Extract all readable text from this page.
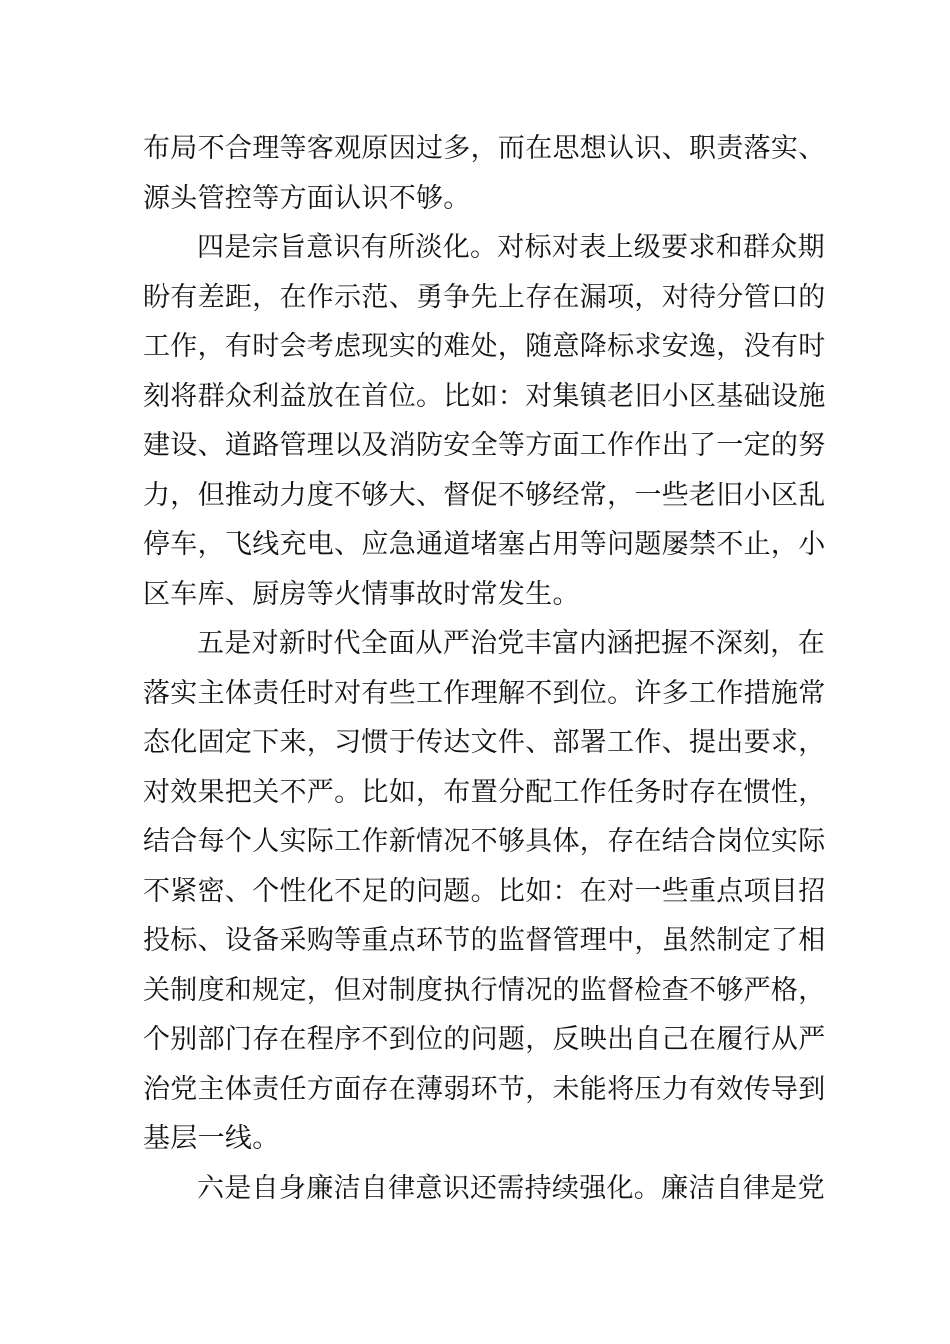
布局不合理等客观原因过多，而在思想认识、职责落实、
源头管控等方面认识不够。
四是宗旨意识有所淡化。对标对表上级要求和群众期
盼有差距，在作示范、勇争先上存在漏项，对待分管口的
工作，有时会考虑现实的难处，随意降标求安逸，没有时
刻将群众利益放在首位。比如：对集镇老旧小区基础设施
建设、道路管理以及消防安全等方面工作作出了一定的努
力，但推动力度不够大、督促不够经常，一些老旧小区乱
停车，飞线充电、应急通道堵塞占用等问题屡禁不止，小
区车库、厨房等火情事故时常发生。
五是对新时代全面从严治党丰富内涵把握不深刻，在
落实主体责任时对有些工作理解不到位。许多工作措施常
态化固定下来，习惯于传达文件、部署工作、提出要求，
对效果把关不严。比如，布置分配工作任务时存在惯性，
结合每个人实际工作新情况不够具体，存在结合岗位实际
不紧密、个性化不足的问题。比如：在对一些重点项目招
投标、设备采购等重点环节的监督管理中，虽然制定了相
关制度和规定，但对制度执行情况的监督检查不够严格，
个别部门存在程序不到位的问题，反映出自己在履行从严
治党主体责任方面存在薄弱环节，未能将压力有效传导到
基层一线。
六是自身廉洁自律意识还需持续强化。廉洁自律是党
